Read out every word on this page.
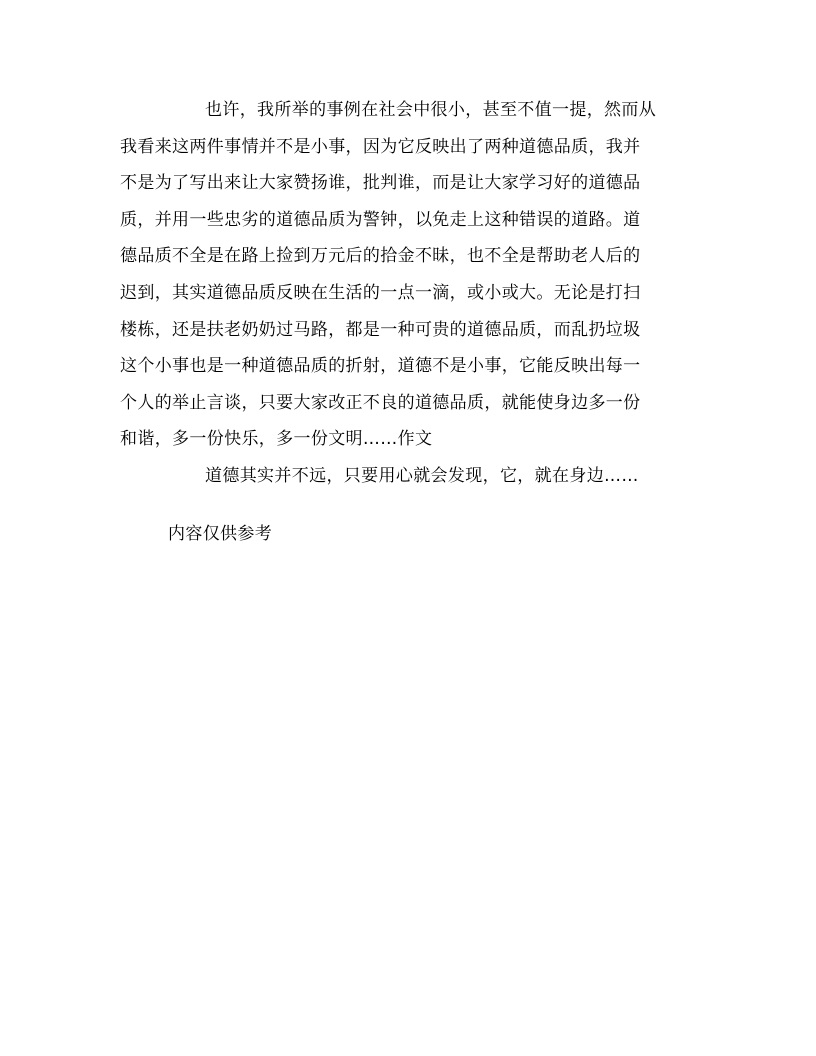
也许，我所举的事例在社会中很小，甚至不值一提，然而从
我看来这两件事情并不是小事，因为它反映出了两种道德品质，我并
不是为了写出来让大家赞扬谁，批判谁，而是让大家学习好的道德品
质，并用一些忠劣的道德品质为警钟，以免走上这种错误的道路。道
德品质不全是在路上捡到万元后的拾金不昧，也不全是帮助老人后的
迟到，其实道德品质反映在生活的一点一滴，或小或大。无论是打扫
楼栋，还是扶老奶奶过马路，都是一种可贵的道德品质，而乱扔垃圾
这个小事也是一种道德品质的折射，道德不是小事，它能反映出每一
个人的举止言谈，只要大家改正不良的道德品质，就能使身边多一份
和谐，多一份快乐，多一份文明……作文
道德其实并不远，只要用心就会发现，它，就在身边……
内容仅供参考
